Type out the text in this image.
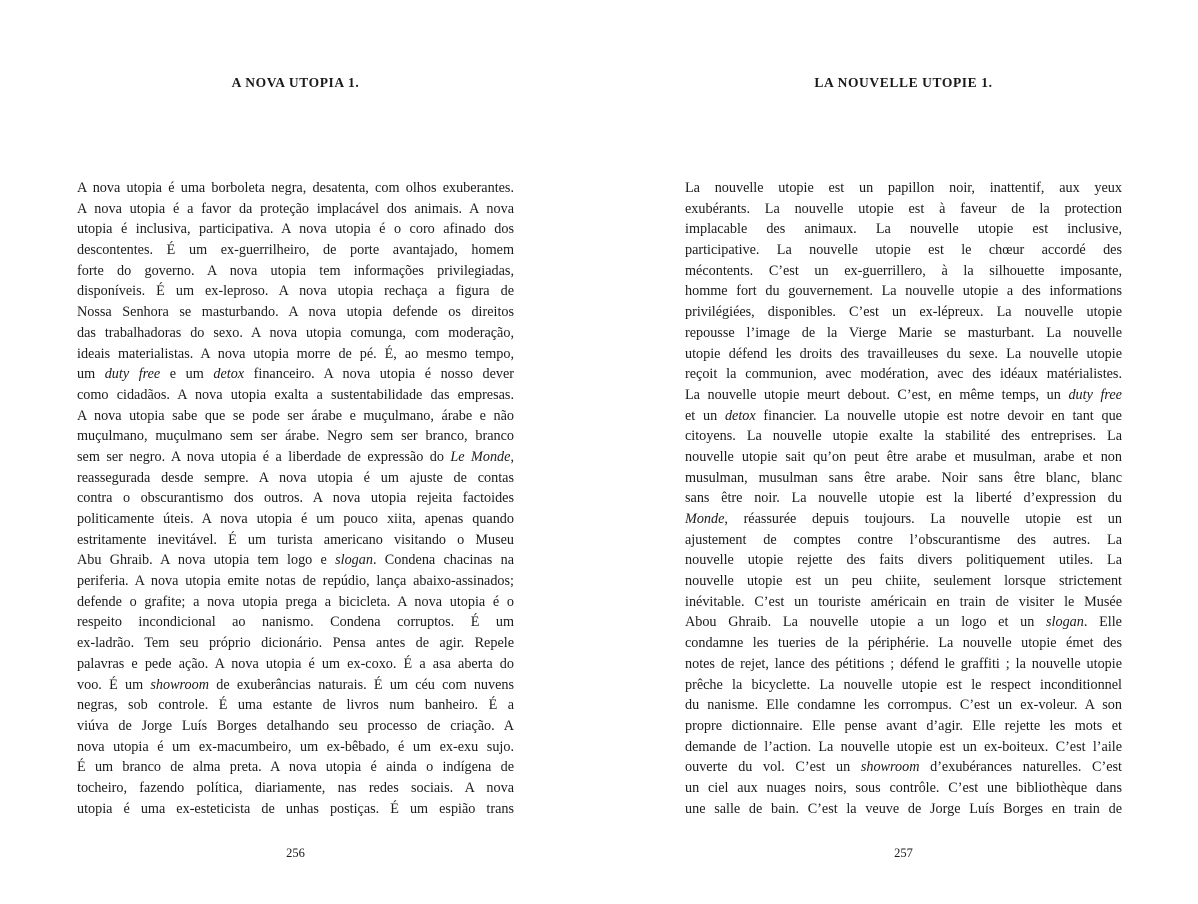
A NOVA UTOPIA 1.
A nova utopia é uma borboleta negra, desatenta, com olhos exuberantes.
A nova utopia é a favor da proteção implacável dos animais. A nova
utopia é inclusiva, participativa. A nova utopia é o coro afinado dos
descontentes. É um ex-guerrilheiro, de porte avantajado, homem
forte do governo. A nova utopia tem informações privilegiadas,
disponíveis. É um ex-leproso. A nova utopia rechaça a figura de
Nossa Senhora se masturbando. A nova utopia defende os direitos
das trabalhadoras do sexo. A nova utopia comunga, com moderação,
ideais materialistas. A nova utopia morre de pé. É, ao mesmo tempo,
um duty free e um detox financeiro. A nova utopia é nosso dever
como cidadãos. A nova utopia exalta a sustentabilidade das empresas.
A nova utopia sabe que se pode ser árabe e muçulmano, árabe e não
muçulmano, muçulmano sem ser árabe. Negro sem ser branco, branco
sem ser negro. A nova utopia é a liberdade de expressão do Le Monde,
reassegurada desde sempre. A nova utopia é um ajuste de contas
contra o obscurantismo dos outros. A nova utopia rejeita factoides
politicamente úteis. A nova utopia é um pouco xiita, apenas quando
estritamente inevitável. É um turista americano visitando o Museu
Abu Ghraib. A nova utopia tem logo e slogan. Condena chacinas na
periferia. A nova utopia emite notas de repúdio, lança abaixo-assinados;
defende o grafite; a nova utopia prega a bicicleta. A nova utopia é o
respeito incondicional ao nanismo. Condena corruptos. É um
ex-ladrão. Tem seu próprio dicionário. Pensa antes de agir. Repele
palavras e pede ação. A nova utopia é um ex-coxo. É a asa aberta do
voo. É um showroom de exuberâncias naturais. É um céu com nuvens
negras, sob controle. É uma estante de livros num banheiro. É a
viúva de Jorge Luís Borges detalhando seu processo de criação. A
nova utopia é um ex-macumbeiro, um ex-bêbado, é um ex-exu sujo.
É um branco de alma preta. A nova utopia é ainda o indígena de
tocheiro, fazendo política, diariamente, nas redes sociais. A nova
utopia é uma ex-esteticista de unhas postiças. É um espião trans
256
LA NOUVELLE UTOPIE 1.
La nouvelle utopie est un papillon noir, inattentif, aux yeux
exubérants. La nouvelle utopie est à faveur de la protection
implacable des animaux. La nouvelle utopie est inclusive,
participative. La nouvelle utopie est le chœur accordé des
mécontents. C’est un ex-guerrillero, à la silhouette imposante,
homme fort du gouvernement. La nouvelle utopie a des informations
privilégiées, disponibles. C’est un ex-lépreux. La nouvelle utopie
repousse l’image de la Vierge Marie se masturbant. La nouvelle
utopie défend les droits des travailleuses du sexe. La nouvelle utopie
reçoit la communion, avec modération, avec des idéaux matérialistes.
La nouvelle utopie meurt debout. C’est, en même temps, un duty free
et un detox financier. La nouvelle utopie est notre devoir en tant que
citoyens. La nouvelle utopie exalte la stabilité des entreprises. La
nouvelle utopie sait qu’on peut être arabe et musulman, arabe et non
musulman, musulman sans être arabe. Noir sans être blanc, blanc
sans être noir. La nouvelle utopie est la liberté d’expression du
Monde, réassurée depuis toujours. La nouvelle utopie est un
ajustement de comptes contre l’obscurantisme des autres. La
nouvelle utopie rejette des faits divers politiquement utiles. La
nouvelle utopie est un peu chiite, seulement lorsque strictement
inévitable. C’est un touriste américain en train de visiter le Musée
Abou Ghraib. La nouvelle utopie a un logo et un slogan. Elle
condamne les tueries de la périphérie. La nouvelle utopie émet des
notes de rejet, lance des pétitions ; défend le graffiti ; la nouvelle utopie
prêche la bicyclette. La nouvelle utopie est le respect inconditionnel
du nanisme. Elle condamne les corrompus. C’est un ex-voleur. A son
propre dictionnaire. Elle pense avant d’agir. Elle rejette les mots et
demande de l’action. La nouvelle utopie est un ex-boiteux. C’est l’aile
ouverte du vol. C’est un showroom d’exubérances naturelles. C’est
un ciel aux nuages noirs, sous contrôle. C’est une bibliothèque dans
une salle de bain. C’est la veuve de Jorge Luís Borges en train de
257
